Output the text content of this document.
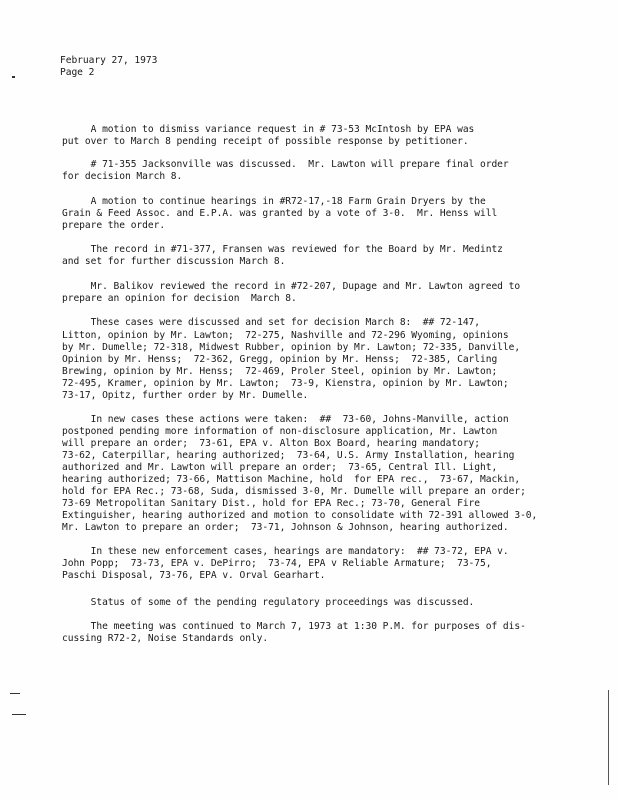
February 27, 1973
Page 2
A motion to dismiss variance request in # 73-53 McIntosh by EPA was
put over to March 8 pending receipt of possible response by petitioner.
# 71-355 Jacksonville was discussed.  Mr. Lawton will prepare final order
for decision March 8.
A motion to continue hearings in #R72-17,-18 Farm Grain Dryers by the
Grain & Feed Assoc. and E.P.A. was granted by a vote of 3-0.  Mr. Henss will
prepare the order.
The record in #71-377, Fransen was reviewed for the Board by Mr. Medintz
and set for further discussion March 8.
Mr. Balikov reviewed the record in #72-207, Dupage and Mr. Lawton agreed to
prepare an opinion for decision  March 8.
These cases were discussed and set for decision March 8:  ## 72-147,
Litton, opinion by Mr. Lawton;  72-275, Nashville and 72-296 Wyoming, opinions
by Mr. Dumelle; 72-318, Midwest Rubber, opinion by Mr. Lawton; 72-335, Danville,
Opinion by Mr. Henss;  72-362, Gregg, opinion by Mr. Henss;  72-385, Carling
Brewing, opinion by Mr. Henss;  72-469, Proler Steel, opinion by Mr. Lawton;
72-495, Kramer, opinion by Mr. Lawton;  73-9, Kienstra, opinion by Mr. Lawton;
73-17, Opitz, further order by Mr. Dumelle.
In new cases these actions were taken:  ##  73-60, Johns-Manville, action
postponed pending more information of non-disclosure application, Mr. Lawton
will prepare an order;  73-61, EPA v. Alton Box Board, hearing mandatory;
73-62, Caterpillar, hearing authorized;  73-64, U.S. Army Installation, hearing
authorized and Mr. Lawton will prepare an order;  73-65, Central Ill. Light,
hearing authorized; 73-66, Mattison Machine, hold  for EPA rec.,  73-67, Mackin,
hold for EPA Rec.; 73-68, Suda, dismissed 3-0, Mr. Dumelle will prepare an order;
73-69 Metropolitan Sanitary Dist., hold for EPA Rec.; 73-70, General Fire
Extinguisher, hearing authorized and motion to consolidate with 72-391 allowed 3-0,
Mr. Lawton to prepare an order;  73-71, Johnson & Johnson, hearing authorized.
In these new enforcement cases, hearings are mandatory:  ## 73-72, EPA v.
John Popp;  73-73, EPA v. DePirro;  73-74, EPA v Reliable Armature;  73-75,
Paschi Disposal, 73-76, EPA v. Orval Gearhart.
Status of some of the pending regulatory proceedings was discussed.
The meeting was continued to March 7, 1973 at 1:30 P.M. for purposes of dis-
cussing R72-2, Noise Standards only.
